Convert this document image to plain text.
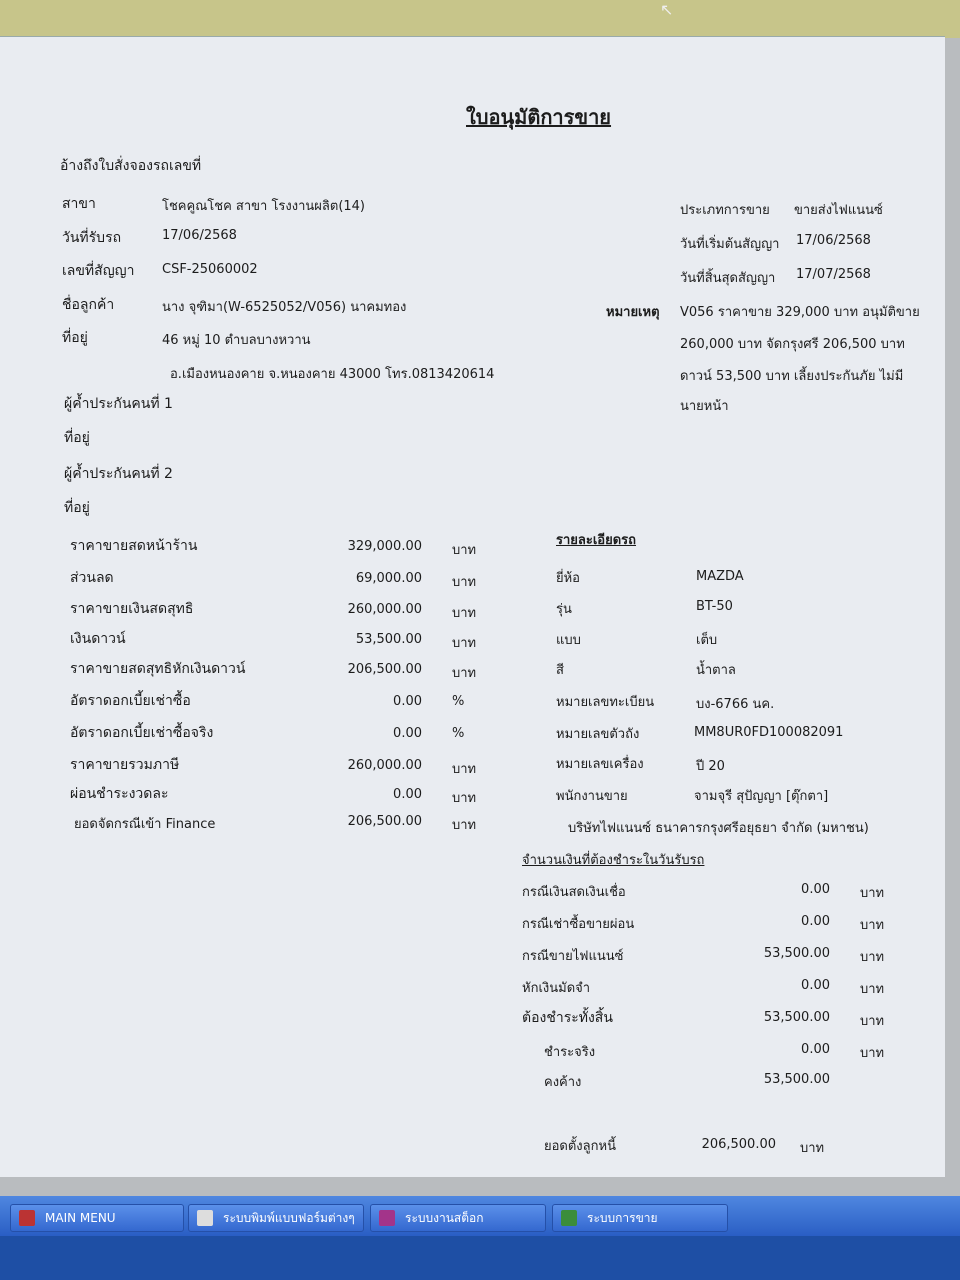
↖
ใบอนุมัติการขาย
อ้างถึงใบสั่งจองรถเลขที่
สาขา	โชคคูณโชค สาขา โรงงานผลิต(14)
วันที่รับรถ	17/06/2568
เลขที่สัญญา CSF-25060002
ชื่อลูกค้า	นาง จุฑิมา(W-6525052/V056) นาคมทอง
ที่อยู่	46 หมู่ 10 ตำบลบางหวาน
อ.เมืองหนองคาย จ.หนองคาย 43000 โทร.0813420614
ผู้ค้ำประกันคนที่ 1
ที่อยู่
ผู้ค้ำประกันคนที่ 2
ที่อยู่
ประเภทการขาย ขายส่งไฟแนนซ์
วันที่เริ่มต้นสัญญา 17/06/2568
วันที่สิ้นสุดสัญญา 17/07/2568
หมายเหตุ V056 ราคาขาย 329,000 บาท อนุมัติขาย
260,000 บาท จัดกรุงศรี 206,500 บาท
ดาวน์ 53,500 บาท เลี้ยงประกันภัย ไม่มี
นายหน้า
ราคาขายสดหน้าร้าน	329,000.00 บาท
ส่วนลด	69,000.00 บาท
ราคาขายเงินสดสุทธิ	260,000.00 บาท
เงินดาวน์	53,500.00 บาท
ราคาขายสดสุทธิหักเงินดาวน์	206,500.00 บาท
อัตราดอกเบี้ยเช่าซื้อ	0.00 %
อัตราดอกเบี้ยเช่าซื้อจริง	0.00 %
ราคาขายรวมภาษี	260,000.00 บาท
ผ่อนชำระงวดละ	0.00 บาท
ยอดจัดกรณีเข้า Finance	206,500.00 บาท
รายละเอียดรถ
ยี่ห้อ	MAZDA
รุ่น	BT-50
แบบ	เต็บ
สี	น้ำตาล
หมายเลขทะเบียน	บง-6766 นค.
หมายเลขตัวถัง	MM8UR0FD100082091
หมายเลขเครื่อง	ปี 20
พนักงานขาย	จามจุรี สุปัญญา [ตุ๊กตา]
บริษัทไฟแนนซ์ ธนาคารกรุงศรีอยุธยา จำกัด (มหาชน)
จำนวนเงินที่ต้องชำระในวันรับรถ
กรณีเงินสดเงินเชื่อ	0.00 บาท
กรณีเช่าซื้อขายผ่อน	0.00 บาท
กรณีขายไฟแนนซ์	53,500.00 บาท
หักเงินมัดจำ	0.00 บาท
ต้องชำระทั้งสิ้น	53,500.00 บาท
ชำระจริง	0.00 บาท
คงค้าง	53,500.00
ยอดตั้งลูกหนี้	206,500.00 บาท
MAIN MENU	ระบบพิมพ์แบบฟอร์มต่างๆ	ระบบงานสต็อก	ระบบการขาย
